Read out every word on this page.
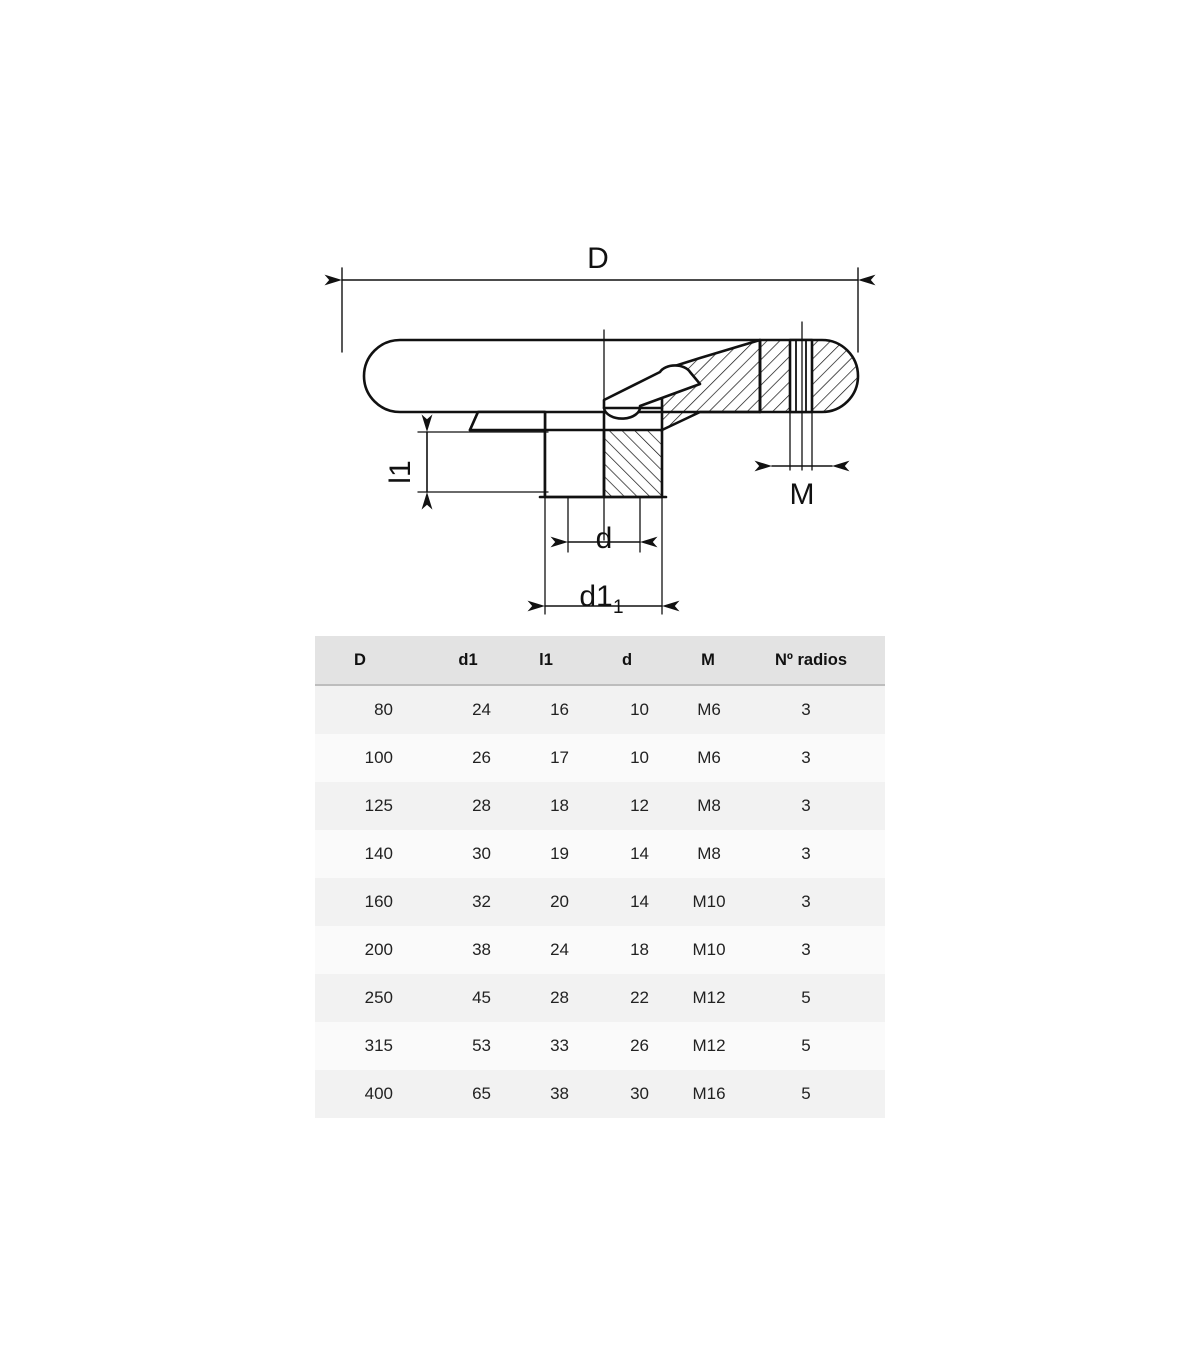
D
l1
d
d1 1
M
D	d1	l1	d	M	Nº radios
80	24	16	10	M6	3
100	26	17	10	M6	3
125	28	18	12	M8	3
140	30	19	14	M8	3
160	32	20	14	M10	3
200	38	24	18	M10	3
250	45	28	22	M12	5
315	53	33	26	M12	5
400	65	38	30	M16	5
